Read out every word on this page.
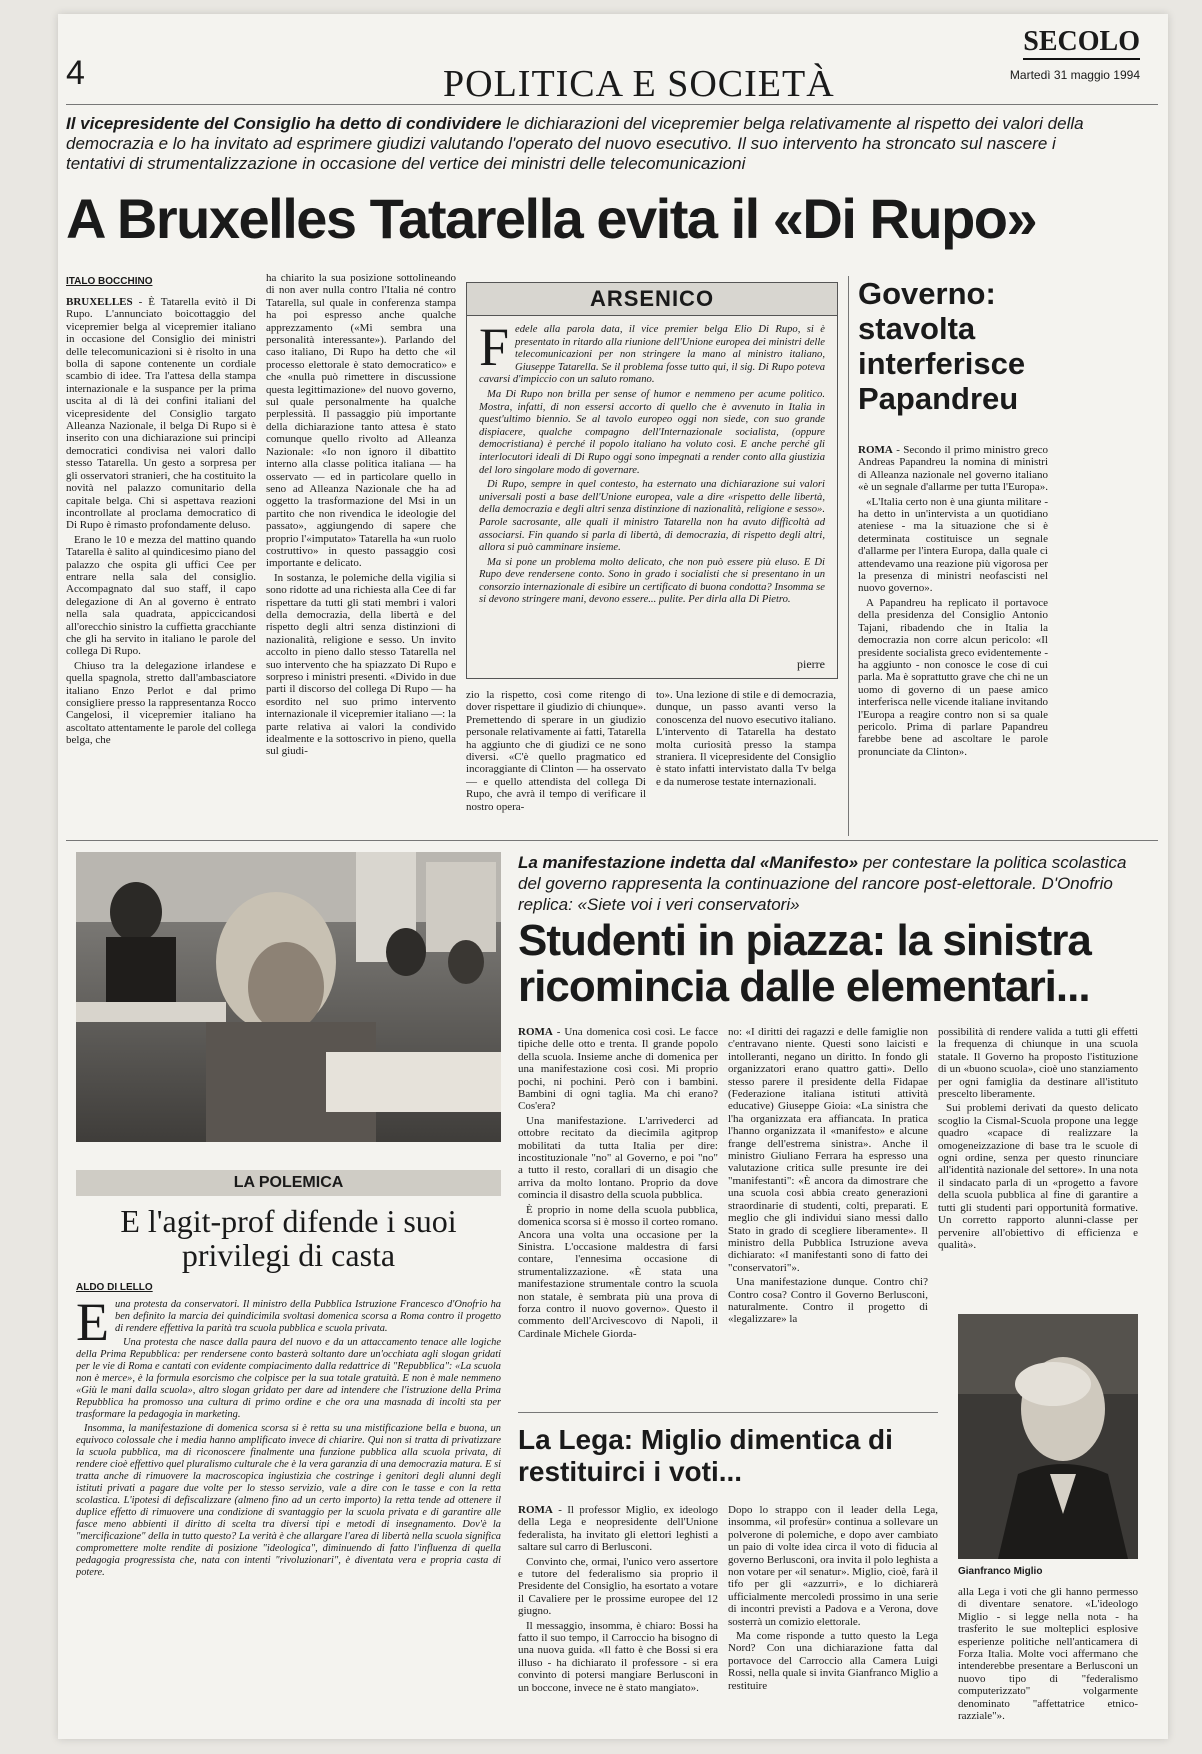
4	POLITICA E SOCIETÀ
SECOLO
Martedì 31 maggio 1994
Il vicepresidente del Consiglio ha detto di condividere le dichiarazioni del vicepremier belga relativamente al rispetto dei valori della democrazia e lo ha invitato ad esprimere giudizi valutando l'operato del nuovo esecutivo. Il suo intervento ha stroncato sul nascere i tentativi di strumentalizzazione in occasione del vertice dei ministri delle telecomunicazioni
A Bruxelles Tatarella evita il «Di Rupo»
ITALO BOCCHINO

BRUXELLES - È Tatarella evitò il Di Rupo. L'annunciato boicottaggio del vicepremier belga al vicepremier italiano in occasione del Consiglio dei ministri delle telecomunicazioni si è risolto in una bolla di sapone contenente un cordiale scambio di idee. Tra l'attesa della stampa internazionale e la suspance per la prima uscita al di là dei confini italiani del vicepresidente del Consiglio targato Alleanza Nazionale, il belga Di Rupo si è inserito con una dichiarazione sui principi democratici condivisa nei valori dallo stesso Tatarella. Un gesto a sorpresa per gli osservatori stranieri, che ha costituito la novità nel palazzo comunitario della capitale belga. Chi si aspettava reazioni incontrollate al proclama democratico di Di Rupo è rimasto profondamente deluso.

Erano le 10 e mezza del mattino quando Tatarella è salito al quindicesimo piano del palazzo che ospita gli uffici Cee per entrare nella sala del consiglio. Accompagnato dal suo staff, il capo delegazione di An al governo è entrato nella sala quadrata, appiccicandosi all'orecchio sinistro la cuffietta gracchiante che gli ha servito in italiano le parole del collega Di Rupo.

Chiuso tra la delegazione irlandese e quella spagnola, stretto dall'ambasciatore italiano Enzo Perlot e dal primo consigliere presso la rappresentanza Rocco Cangelosi, il vicepremier italiano ha ascoltato attentamente le parole del collega belga, che

ha chiarito la sua posizione sottolineando di non aver nulla contro l'Italia né contro Tatarella, sul quale in conferenza stampa ha poi espresso anche qualche apprezzamento («Mi sembra una personalità interessante»). Parlando del caso italiano, Di Rupo ha detto che «il processo elettorale è stato democratico» e che «nulla può rimettere in discussione questa legittimazione» del nuovo governo, sul quale personalmente ha qualche perplessità. Il passaggio più importante della dichiarazione tanto attesa è stato comunque quello rivolto ad Alleanza Nazionale: «Io non ignoro il dibattito interno alla classe politica italiana — ha osservato — ed in particolare quello in seno ad Alleanza Nazionale che ha ad oggetto la trasformazione del Msi in un partito che non rivendica le ideologie del passato», aggiungendo di sapere che proprio l'«imputato» Tatarella ha «un ruolo costruttivo» in questo passaggio così importante e delicato.

In sostanza, le polemiche della vigilia si sono ridotte ad una richiesta alla Cee di far rispettare da tutti gli stati membri i valori della democrazia, della libertà e del rispetto degli altri senza distinzioni di nazionalità, religione e sesso. Un invito accolto in pieno dallo stesso Tatarella nel suo intervento che ha spiazzato Di Rupo e sorpreso i ministri presenti. «Divido in due parti il discorso del collega Di Rupo — ha esordito nel suo primo intervento internazionale il vicepremier italiano —: la parte relativa ai valori la condivido idealmente e la sottoscrivo in pieno, quella sul giudi-

zio la rispetto, così come ritengo di dover rispettare il giudizio di chiunque». Premettendo di sperare in un giudizio personale relativamente ai fatti, Tatarella ha aggiunto che di giudizi ce ne sono diversi. «C'è quello pragmatico ed incoraggiante di Clinton — ha osservato — e quello attendista del collega Di Rupo, che avrà il tempo di verificare il nostro opera-

to». Una lezione di stile e di democrazia, dunque, un passo avanti verso la conoscenza del nuovo esecutivo italiano. L'intervento di Tatarella ha destato molta curiosità presso la stampa straniera. Il vicepresidente del Consiglio è stato infatti intervistato dalla Tv belga e da numerose testate internazionali.

ARSENICO

Fedele alla parola data, il vice premier belga Elio Di Rupo, si è presentato in ritardo alla riunione dell'Unione europea dei ministri delle telecomunicazioni per non stringere la mano al ministro italiano, Giuseppe Tatarella. Se il problema fosse tutto qui, il sig. Di Rupo poteva cavarsi d'impiccio con un saluto romano.

Ma Di Rupo non brilla per sense of humor e nemmeno per acume politico. Mostra, infatti, di non essersi accorto di quello che è avvenuto in Italia in quest'ultimo biennio. Se al tavolo europeo oggi non siede, con suo grande dispiacere, qualche compagno dell'Internazionale socialista, (oppure democristiana) è perché il popolo italiano ha voluto così. E anche perché gli interlocutori ideali di Di Rupo oggi sono impegnati a render conto alla giustizia del loro singolare modo di governare.

Di Rupo, sempre in quel contesto, ha esternato una dichiarazione sui valori universali posti a base dell'Unione europea, vale a dire «rispetto delle libertà, della democrazia e degli altri senza distinzione di nazionalità, religione e sesso». Parole sacrosante, alle quali il ministro Tatarella non ha avuto difficoltà ad associarsi. Fin quando si parla di libertà, di democrazia, di rispetto degli altri, allora si può camminare insieme.

Ma si pone un problema molto delicato, che non può essere più eluso. E Di Rupo deve rendersene conto. Sono in grado i socialisti che si presentano in un consorzio internazionale di esibire un certificato di buona condotta? Insomma se si devono stringere mani, devono essere... pulite. Per dirla alla Di Pietro.

pierre
Governo: stavolta interferisce Papandreu

ROMA - Secondo il primo ministro greco Andreas Papandreu la nomina di ministri di Alleanza nazionale nel governo italiano «è un segnale d'allarme per tutta l'Europa».

«L'Italia certo non è una giunta militare - ha detto in un'intervista a un quotidiano ateniese - ma la situazione che si è determinata costituisce un segnale d'allarme per l'intera Europa, dalla quale ci attendevamo una reazione più vigorosa per la presenza di ministri neofascisti nel nuovo governo».

A Papandreu ha replicato il portavoce della presidenza del Consiglio Antonio Tajani, ribadendo che in Italia la democrazia non corre alcun pericolo: «Il presidente socialista greco evidentemente - ha aggiunto - non conosce le cose di cui parla. Ma è soprattutto grave che chi ne un uomo di governo di un paese amico interferisca nelle vicende italiane invitando l'Europa a reagire contro non si sa quale pericolo. Prima di parlare Papandreu farebbe bene ad ascoltare le parole pronunciate da Clinton».

LA POLEMICA
E l'agit-prof difende i suoi privilegi di casta
ALDO DI LELLO

Euna protesta da conservatori. Il ministro della Pubblica Istruzione Francesco d'Onofrio ha ben definito la marcia dei quindicimila svoltasi domenica scorsa a Roma contro il progetto di rendere effettiva la parità tra scuola pubblica e scuola privata.

Una protesta che nasce dalla paura del nuovo e da un attaccamento tenace alle logiche della Prima Repubblica: per rendersene conto basterà soltanto dare un'occhiata agli slogan gridati per le vie di Roma e cantati con evidente compiacimento dalla redattrice di "Repubblica": «La scuola non è merce», è la formula esorcismo che colpisce per la sua totale gratuità. E non è male nemmeno «Giù le mani dalla scuola», altro slogan gridato per dare ad intendere che l'istruzione della Prima Repubblica ha promosso una cultura di primo ordine e che ora una masnada di incolti sta per trasformare la pedagogia in marketing.

Insomma, la manifestazione di domenica scorsa si è retta su una mistificazione bella e buona, un equivoco colossale che i media hanno amplificato invece di chiarire. Qui non si tratta di privatizzare la scuola pubblica, ma di riconoscere finalmente una funzione pubblica alla scuola privata, di rendere cioè effettivo quel pluralismo culturale che è la vera garanzia di una democrazia matura. E si tratta anche di rimuovere la macroscopica ingiustizia che costringe i genitori degli alunni degli istituti privati a pagare due volte per lo stesso servizio, vale a dire con le tasse e con la retta scolastica. L'ipotesi di defiscalizzare (almeno fino ad un certo importo) la retta tende ad ottenere il duplice effetto di rimuovere una condizione di svantaggio per la scuola privata e di garantire alle fasce meno abbienti il diritto di scelta tra diversi tipi e metodi di insegnamento. Dov'è la "mercificazione" della in tutto questo? La verità è che allargare l'area di libertà nella scuola significa compromettere molte rendite di posizione "ideologica", diminuendo di fatto l'influenza di quella pedagogia progressista che, nata con intenti "rivoluzionari", è diventata vera e propria casta di potere.

La manifestazione indetta dal «Manifesto» per contestare la politica scolastica del governo rappresenta la continuazione del rancore post-elettorale. D'Onofrio replica: «Siete voi i veri conservatori»
Studenti in piazza: la sinistra ricomincia dalle elementari...

ROMA - Una domenica così così. Le facce tipiche delle otto e trenta. Il grande popolo della scuola. Insieme anche di domenica per una manifestazione così così. Mi proprio pochi, ni pochini. Però con i bambini. Bambini di ogni taglia. Ma chi erano? Cos'era?

Una manifestazione. L'arrivederci ad ottobre recitato da diecimila agitprop mobilitati da tutta Italia per dire: incostituzionale "no" al Governo, e poi "no" a tutto il resto, corallari di un disagio che arriva da molto lontano. Proprio da dove comincia il disastro della scuola pubblica.

È proprio in nome della scuola pubblica, domenica scorsa si è mosso il corteo romano. Ancora una volta una occasione per la Sinistra. L'occasione maldestra di farsi contare, l'ennesima occasione di strumentalizzazione. «È stata una manifestazione strumentale contro la scuola non statale, è sembrata più una prova di forza contro il nuovo governo». Questo il commento dell'Arcivescovo di Napoli, il Cardinale Michele Giorda-

no: «I diritti dei ragazzi e delle famiglie non c'entravano niente. Questi sono laicisti e intolleranti, negano un diritto. In fondo gli organizzatori erano quattro gatti». Dello stesso parere il presidente della Fidapae (Federazione italiana istituti attività educative) Giuseppe Gioia: «La sinistra che l'ha organizzata era affiancata. In pratica l'hanno organizzata il «manifesto» e alcune frange dell'estrema sinistra». Anche il ministro Giuliano Ferrara ha espresso una valutazione critica sulle presunte ire dei "manifestanti": «È ancora da dimostrare che una scuola così abbia creato generazioni straordinarie di studenti, colti, preparati. E meglio che gli individui siano messi dallo Stato in grado di scegliere liberamente». Il ministro della Pubblica Istruzione aveva dichiarato: «I manifestanti sono di fatto dei "conservatori"».

Una manifestazione dunque. Contro chi? Contro cosa? Contro il Governo Berlusconi, naturalmente. Contro il progetto di «legalizzare» la

possibilità di rendere valida a tutti gli effetti la frequenza di chiunque in una scuola statale. Il Governo ha proposto l'istituzione di un «buono scuola», cioè uno stanziamento per ogni famiglia da destinare all'istituto prescelto liberamente.

Sui problemi derivati da questo delicato scoglio la Cismal-Scuola propone una legge quadro «capace di realizzare la omogeneizzazione di base tra le scuole di ogni ordine, senza per questo rinunciare all'identità nazionale del settore». In una nota il sindacato parla di un «progetto a favore della scuola pubblica al fine di garantire a tutti gli studenti pari opportunità formative. Un corretto rapporto alunni-classe per pervenire all'obiettivo di efficienza e qualità».

Gianfranco Miglio
La Lega: Miglio dimentica di restituirci i voti...

ROMA - Il professor Miglio, ex ideologo della Lega e neopresidente dell'Unione federalista, ha invitato gli elettori leghisti a saltare sul carro di Berlusconi.

Convinto che, ormai, l'unico vero assertore e tutore del federalismo sia proprio il Presidente del Consiglio, ha esortato a votare il Cavaliere per le prossime europee del 12 giugno.

Il messaggio, insomma, è chiaro: Bossi ha fatto il suo tempo, il Carroccio ha bisogno di una nuova guida. «Il fatto è che Bossi si era illuso - ha dichiarato il professore - si era convinto di potersi mangiare Berlusconi in un boccone, invece ne è stato mangiato».

Dopo lo strappo con il leader della Lega, insomma, «il profesür» continua a sollevare un polverone di polemiche, e dopo aver cambiato un paio di volte idea circa il voto di fiducia al governo Berlusconi, ora invita il polo leghista a non votare per «il senatur». Miglio, cioè, farà il tifo per gli «azzurri», e lo dichiarerà ufficialmente mercoledì prossimo in una serie di incontri previsti a Padova e a Verona, dove sosterrà un comizio elettorale.

Ma come risponde a tutto questo la Lega Nord? Con una dichiarazione fatta dal portavoce del Carroccio alla Camera Luigi Rossi, nella quale si invita Gianfranco Miglio a restituire

alla Lega i voti che gli hanno permesso di diventare senatore. «L'ideologo Miglio - si legge nella nota - ha trasferito le sue molteplici esplosive esperienze politiche nell'anticamera di Forza Italia. Molte voci affermano che intenderebbe presentare a Berlusconi un nuovo tipo di "federalismo computerizzato" volgarmente denominato "affettatrice etnico-razziale"».
